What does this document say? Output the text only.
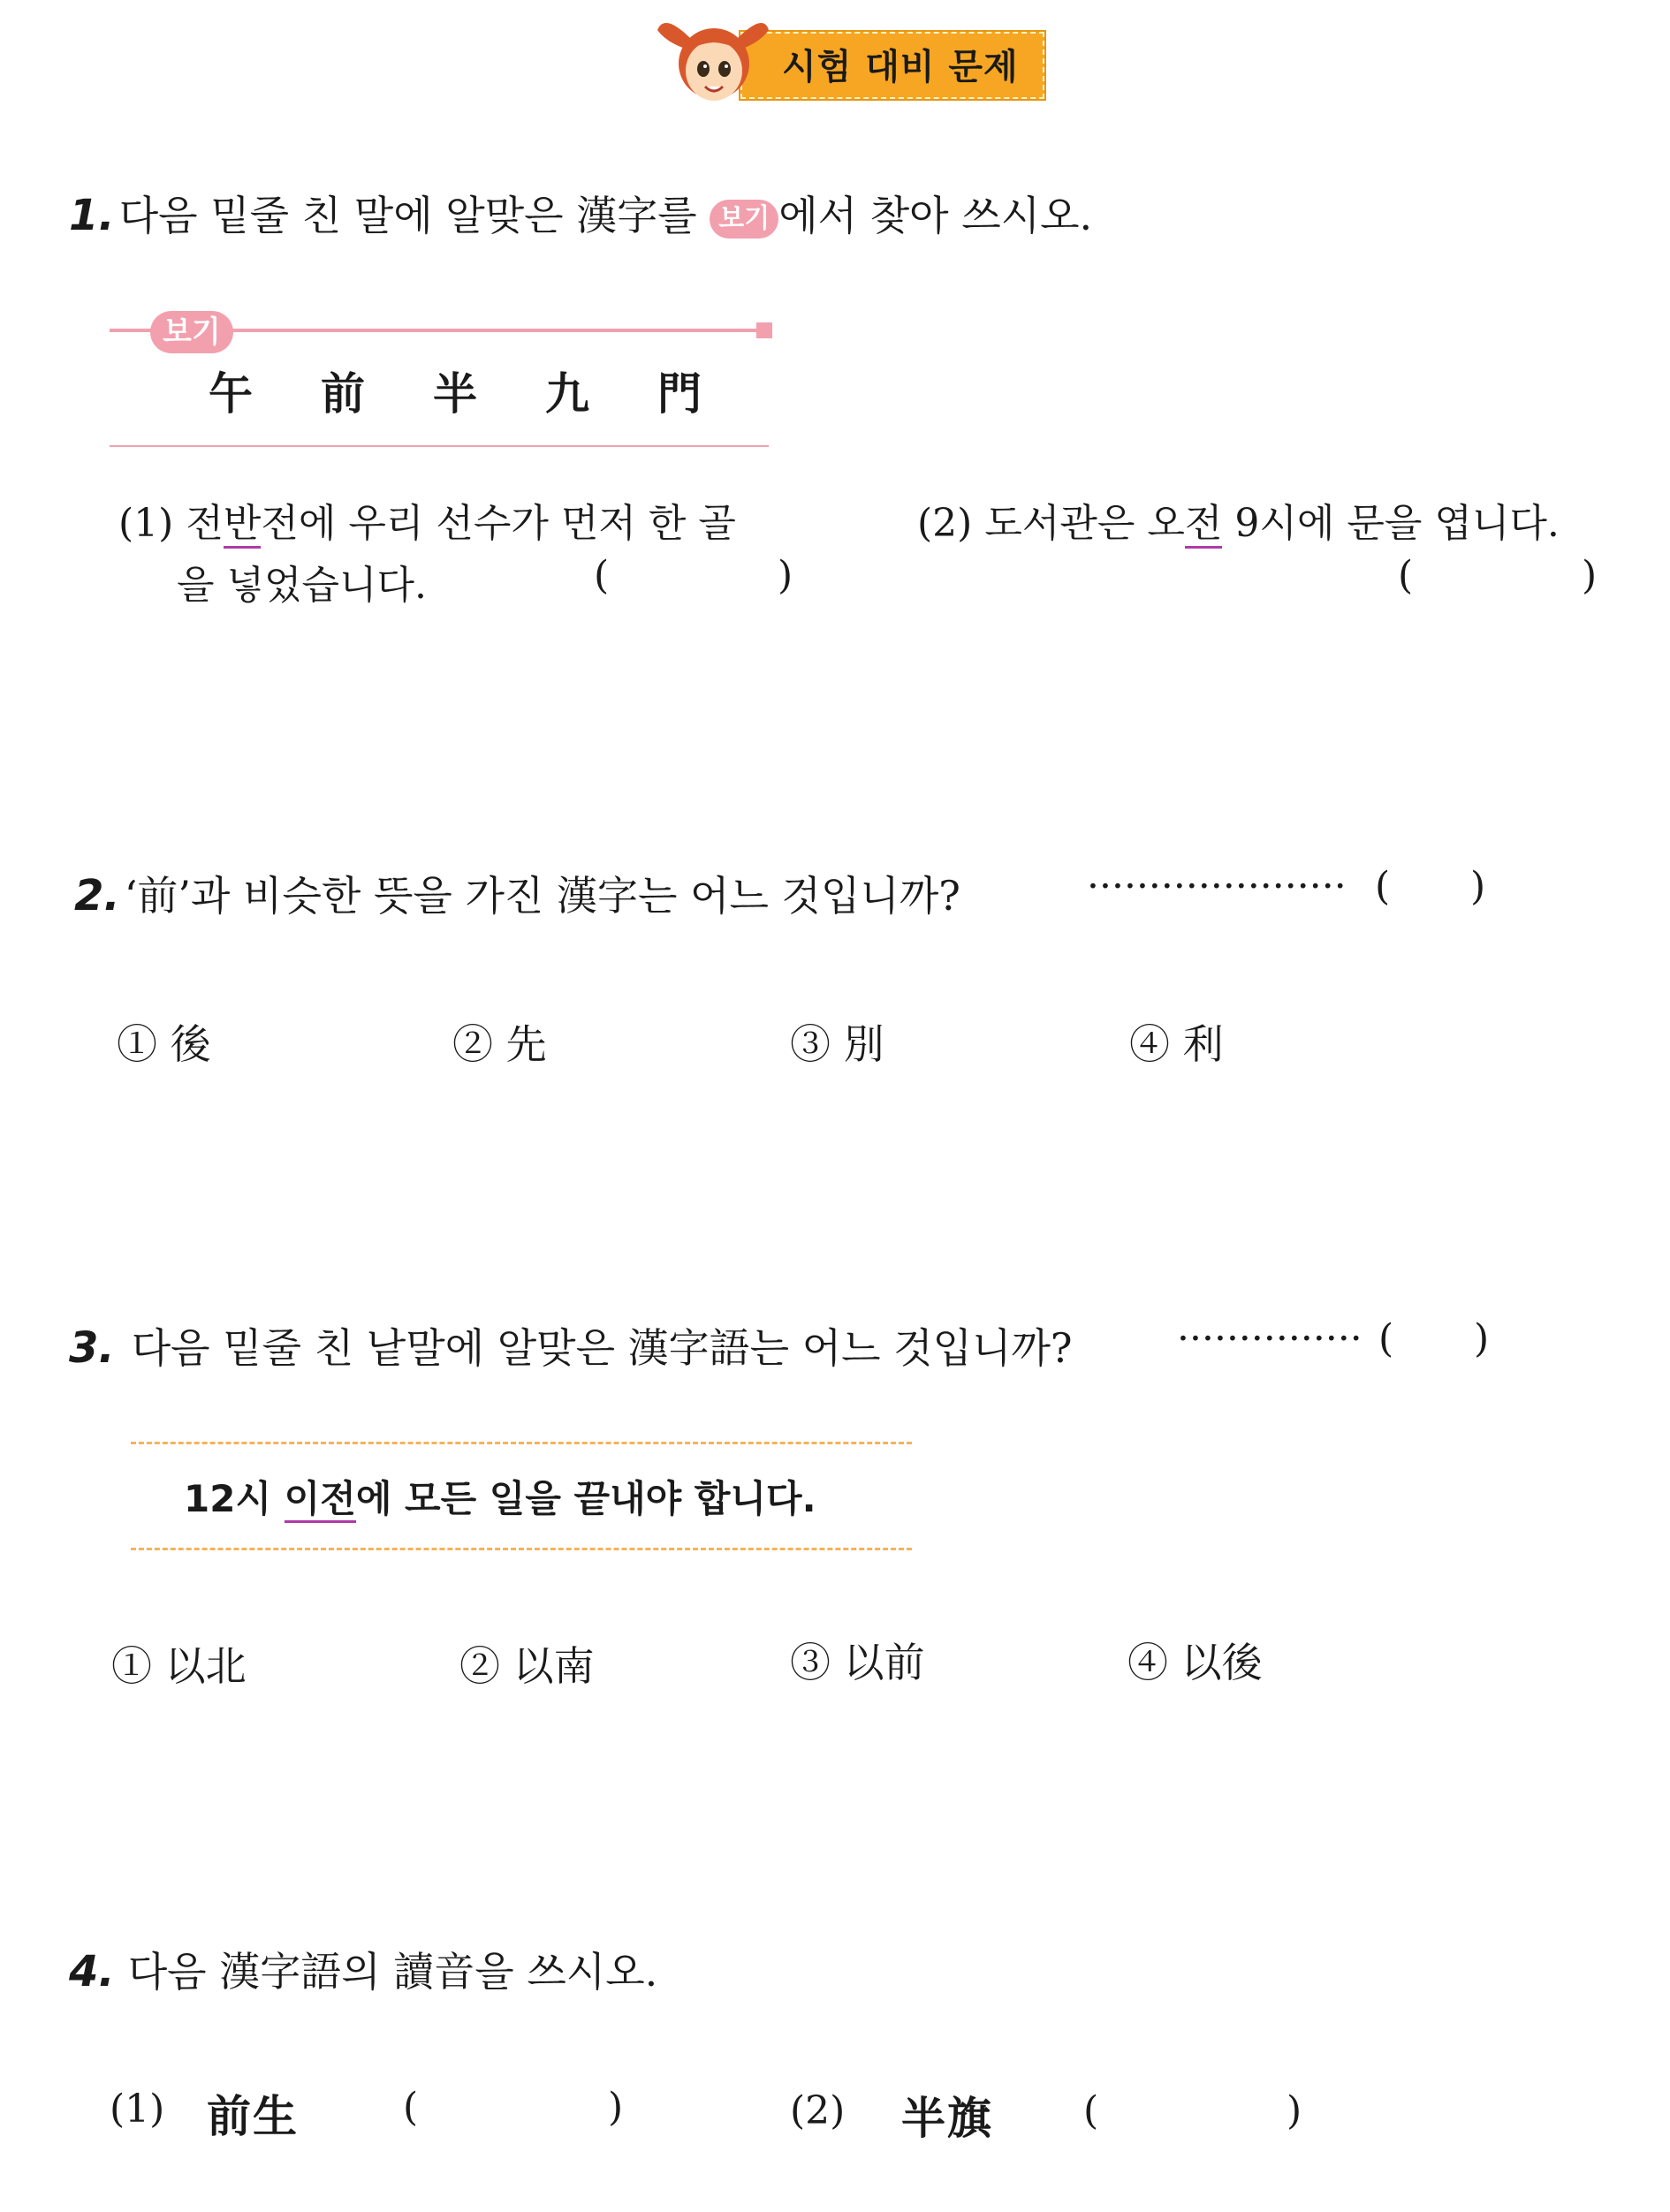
시험 대비 문제
1. 다음 밑줄 친 말에 알맞은 漢字를 보기 에서 찾아 쓰시오.
보기
午 前 半 九 門
(1) 전반전에 우리 선수가 먼저 한 골
을 넣었습니다.	(	)
(2) 도서관은 오전 9시에 문을 엽니다.
(	)
2. ‘前’과 비슷한 뜻을 가진 漢字는 어느 것입니까?	····················· ( )
① 後	② 先	③ 別	④ 利
3. 다음 밑줄 친 낱말에 알맞은 漢字語는 어느 것입니까?	··············· ( )
12시 이전에 모든 일을 끝내야 합니다.
① 以北	② 以南	③ 以前	④ 以後
4. 다음 漢字語의 讀音을 쓰시오.
(1) 前生	(	)	(2) 半旗 (	)
